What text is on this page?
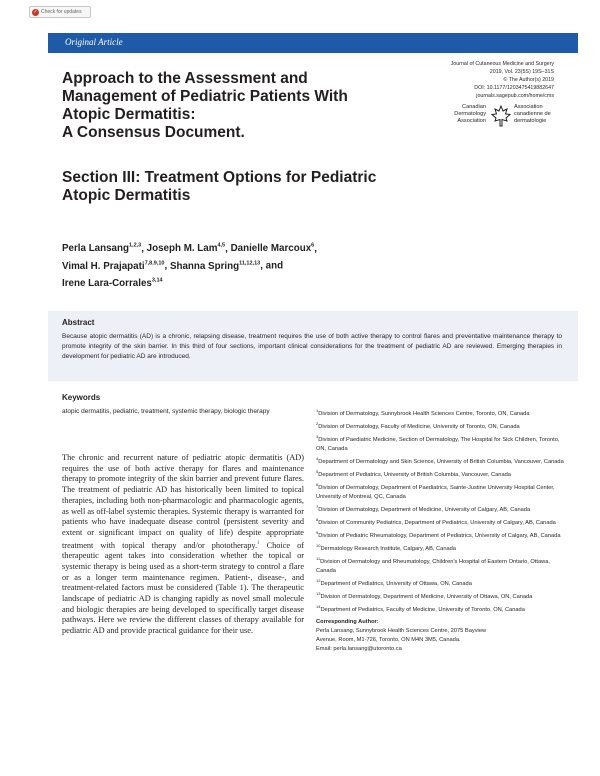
✓ Check for updates
Original Article
Journal of Cutaneous Medicine and Surgery
2019, Vol. 23(5S) 19S–31S
© The Author(s) 2019
DOI: 10.1177/1203475419882647
journals.sagepub.com/home/cms
Canadian
Dermatology
Association
Association
canadienne de
dermatologie
Approach to the Assessment and
Management of Pediatric Patients With
Atopic Dermatitis:
A Consensus Document.
Section III: Treatment Options for Pediatric
Atopic Dermatitis
Perla Lansang$^{1,2,3}$, Joseph M. Lam$^{4,5}$, Danielle Marcoux$^6$,
Vimal H. Prajapati$^{7,8,9,10}$, Shanna Spring$^{11,12,13}$, and
Irene Lara-Corrales$^{3,14}$
Abstract
Because atopic dermatitis (AD) is a chronic, relapsing disease, treatment requires the use of both active therapy to control flares and preventative maintenance therapy to promote integrity of the skin barrier. In this third of four sections, important clinical considerations for the treatment of pediatric AD are reviewed. Emerging therapies in development for pediatric AD are introduced.
Keywords
atopic dermatitis, pediatric, treatment, systemic therapy, biologic therapy	$^1$Division of Dermatology, Sunnybrook Health Sciences Centre, Toronto, ON, Canada

$^2$Division of Dermatology, Faculty of Medicine, University of Toronto, ON, Canada

$^3$Division of Paediatric Medicine, Section of Dermatology, The Hospital for Sick Children, Toronto, ON, Canada

$^4$Department of Dermatology and Skin Science, University of British Columbia, Vancouver, Canada

$^5$Department of Pediatrics, University of British Columbia, Vancouver, Canada

$^6$Division of Dermatology, Department of Paediatrics, Sainte-Justine University Hospital Center, University of Montreal, QC, Canada

$^7$Division of Dermatology, Department of Medicine, University of Calgary, AB, Canada

$^8$Division of Community Pediatrics, Department of Pediatrics, University of Calgary, AB, Canada

$^9$Division of Pediatric Rheumatology, Department of Pediatrics, University of Calgary, AB, Canada

$^{10}$Dermatology Research Institute, Calgary, AB, Canada

$^{11}$Division of Dermatology and Rheumatology, Children's Hospital of Eastern Ontario, Ottawa, Canada

$^{12}$Department of Pediatrics, University of Ottawa, ON, Canada

$^{13}$Division of Dermatology, Department of Medicine, University of Ottawa, ON, Canada

$^{14}$Department of Pediatrics, Faculty of Medicine, University of Toronto, ON, Canada

Corresponding Author:

Perla Lansang, Sunnybrook Health Sciences Centre, 2075 Bayview

Avenue, Room, M1-726, Toronto, ON M4N 3M5, Canada.

Email: perla.lansang@utoronto.ca

The chronic and recurrent nature of pediatric atopic dermatitis (AD) requires the use of both active therapy for flares and maintenance therapy to promote integrity of the skin barrier and prevent future flares. The treatment of pediatric AD has historically been limited to topical therapies, including both non-pharmacologic and pharmacologic agents, as well as off-label systemic therapies. Systemic therapy is warranted for patients who have inadequate disease control (persistent severity and extent or significant impact on quality of life) despite appropriate treatment with topical therapy and/or phototherapy.$^1$ Choice of therapeutic agent takes into consideration whether the topical or systemic therapy is being used as a short-term strategy to control a flare or as a longer term maintenance regimen. Patient-, disease-, and treatment-related factors must be considered (Table 1). The therapeutic landscape of pediatric AD is changing rapidly as novel small molecule and biologic therapies are being developed to specifically target disease pathways. Here we review the different classes of therapy available for pediatric AD and provide practical guidance for their use.
